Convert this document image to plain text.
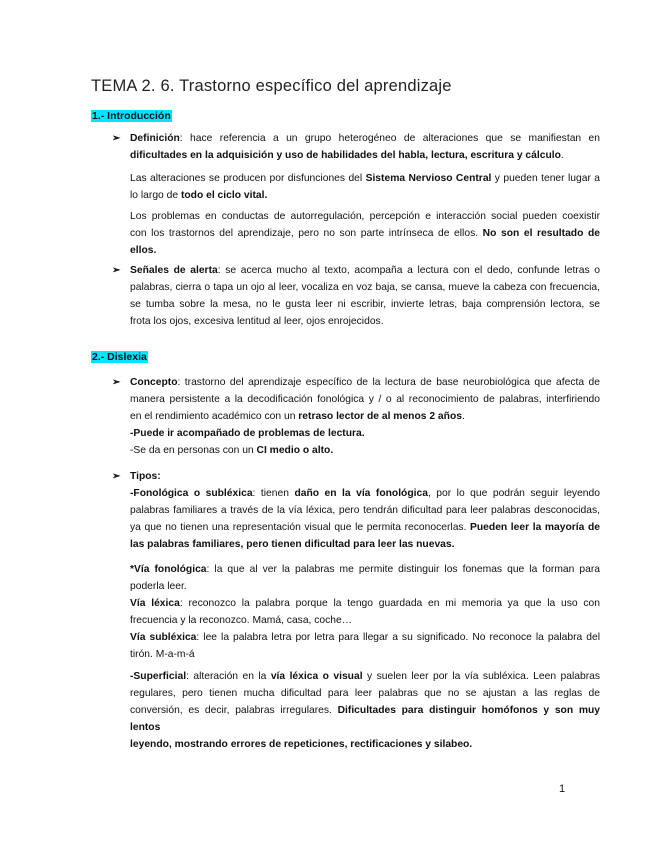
TEMA 2. 6. Trastorno específico del aprendizaje
1.- Introducción
➢ Definición: hace referencia a un grupo heterogéneo de alteraciones que se manifiestan en
dificultades en la adquisición y uso de habilidades del habla, lectura, escritura y cálculo.
Las alteraciones se producen por disfunciones del Sistema Nervioso Central y pueden tener lugar a
lo largo de todo el ciclo vital.
Los problemas en conductas de autorregulación, percepción e interacción social pueden coexistir
con los trastornos del aprendizaje, pero no son parte intrínseca de ellos. No son el resultado de
ellos.
➢ Señales de alerta: se acerca mucho al texto, acompaña a lectura con el dedo, confunde letras o
palabras, cierra o tapa un ojo al leer, vocaliza en voz baja, se cansa, mueve la cabeza con frecuencia,
se tumba sobre la mesa, no le gusta leer ni escribir, invierte letras, baja comprensión lectora, se
frota los ojos, excesiva lentitud al leer, ojos enrojecidos.
2.- Dislexia
➢ Concepto: trastorno del aprendizaje específico de la lectura de base neurobiológica que afecta de
manera persistente a la decodificación fonológica y / o al reconocimiento de palabras, interfiriendo
en el rendimiento académico con un retraso lector de al menos 2 años.
-Puede ir acompañado de problemas de lectura.
-Se da en personas con un CI medio o alto.
➢ Tipos:
-Fonológica o subléxica: tienen daño en la vía fonológica, por lo que podrán seguir leyendo
palabras familiares a través de la vía léxica, pero tendrán dificultad para leer palabras desconocidas,
ya que no tienen una representación visual que le permita reconocerlas. Pueden leer la mayoría de
las palabras familiares, pero tienen dificultad para leer las nuevas.
*Vía fonológica: la que al ver la palabras me permite distinguir los fonemas que la forman para
poderla leer.
Vía léxica: reconozco la palabra porque la tengo guardada en mi memoria ya que la uso con
frecuencia y la reconozco. Mamá, casa, coche…
Vía subléxica: lee la palabra letra por letra para llegar a su significado. No reconoce la palabra del
tirón. M-a-m-á
-Superficial: alteración en la vía léxica o visual y suelen leer por la vía subléxica. Leen palabras
regulares, pero tienen mucha dificultad para leer palabras que no se ajustan a las reglas de
conversión, es decir, palabras irregulares. Dificultades para distinguir homófonos y son muy lentos
leyendo, mostrando errores de repeticiones, rectificaciones y silabeo.
1
